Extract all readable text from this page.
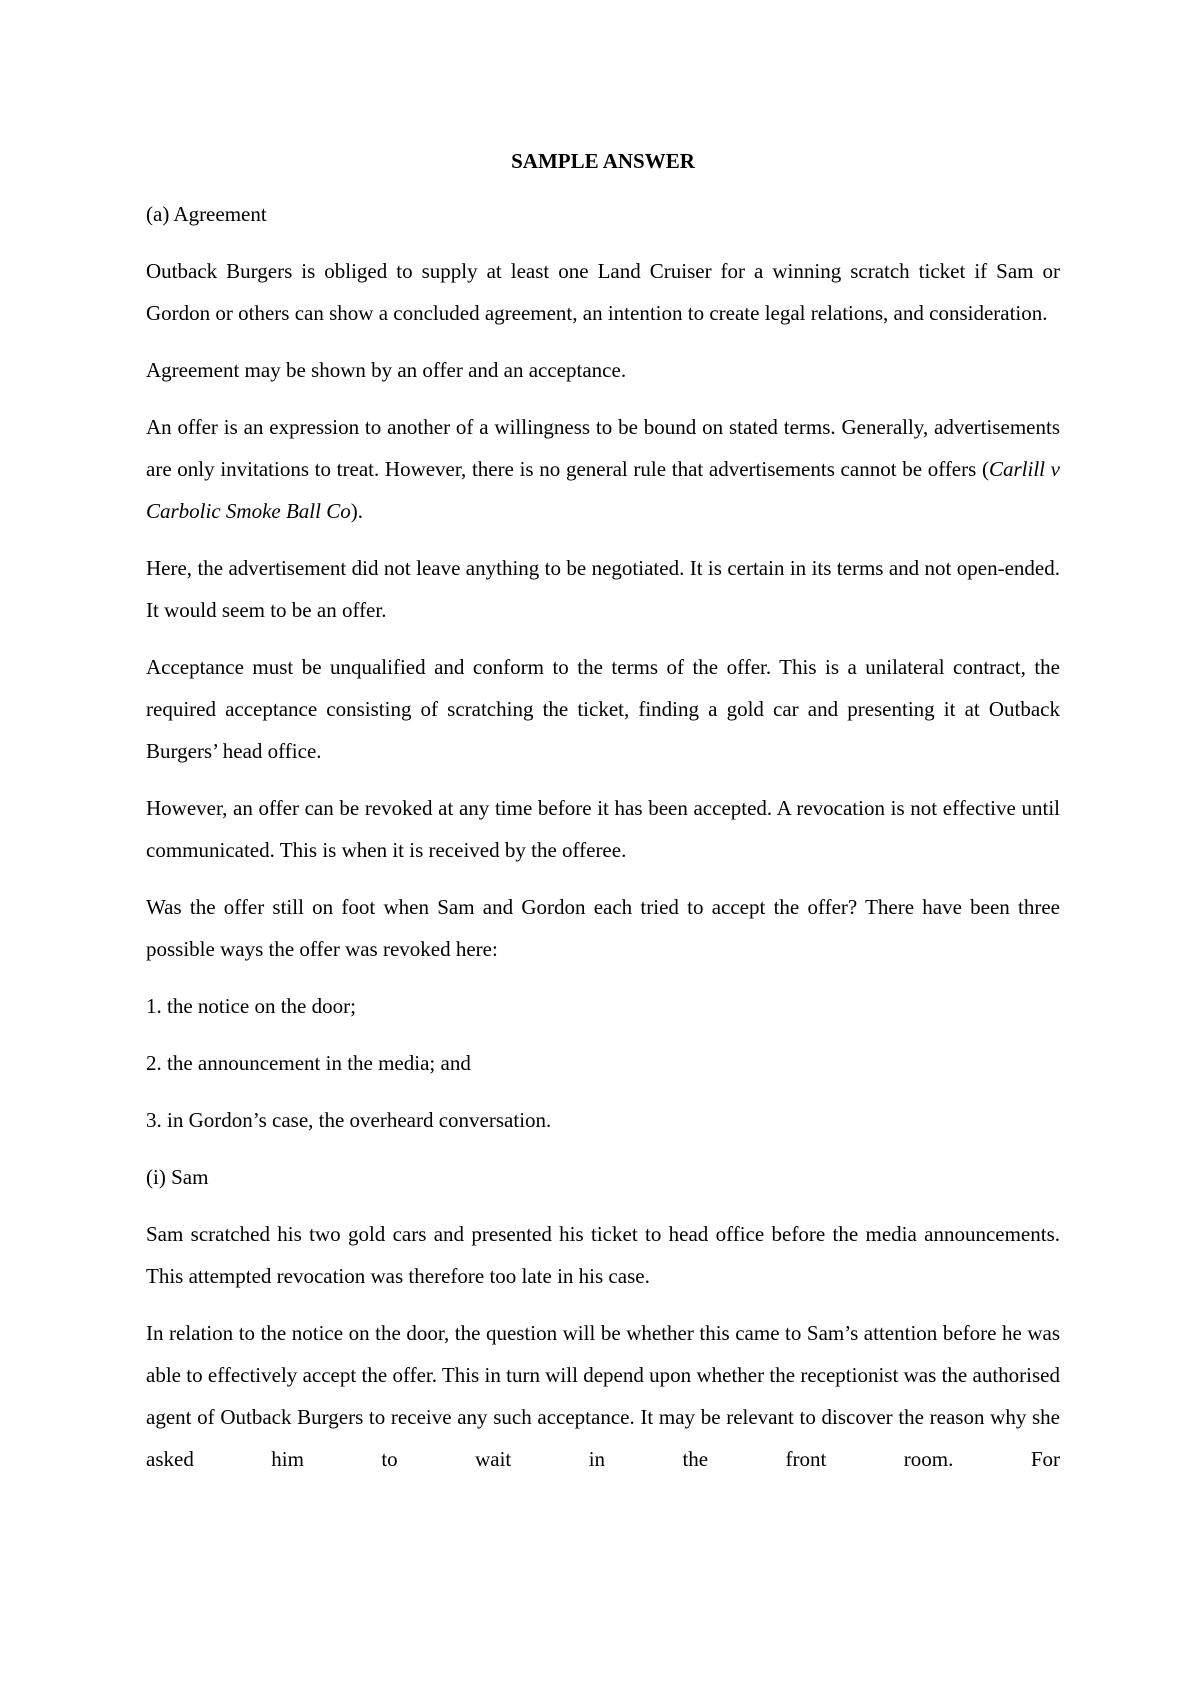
SAMPLE ANSWER
(a) Agreement

Outback Burgers is obliged to supply at least one Land Cruiser for a winning scratch ticket if Sam or Gordon or others can show a concluded agreement, an intention to create legal relations, and consideration.

Agreement may be shown by an offer and an acceptance.

An offer is an expression to another of a willingness to be bound on stated terms. Generally, advertisements are only invitations to treat. However, there is no general rule that advertisements cannot be offers (Carlill v Carbolic Smoke Ball Co).

Here, the advertisement did not leave anything to be negotiated. It is certain in its terms and not open-ended. It would seem to be an offer.

Acceptance must be unqualified and conform to the terms of the offer. This is a unilateral contract, the required acceptance consisting of scratching the ticket, finding a gold car and presenting it at Outback Burgers’ head office.

However, an offer can be revoked at any time before it has been accepted. A revocation is not effective until communicated. This is when it is received by the offeree.

Was the offer still on foot when Sam and Gordon each tried to accept the offer? There have been three possible ways the offer was revoked here:

1. the notice on the door;
2. the announcement in the media; and
3. in Gordon’s case, the overheard conversation.
(i) Sam

Sam scratched his two gold cars and presented his ticket to head office before the media announcements. This attempted revocation was therefore too late in his case.

In relation to the notice on the door, the question will be whether this came to Sam’s attention before he was able to effectively accept the offer. This in turn will depend upon whether the receptionist was the authorised agent of Outback Burgers to receive any such acceptance. It may be relevant to discover the reason why she asked him to wait in the front room. For
